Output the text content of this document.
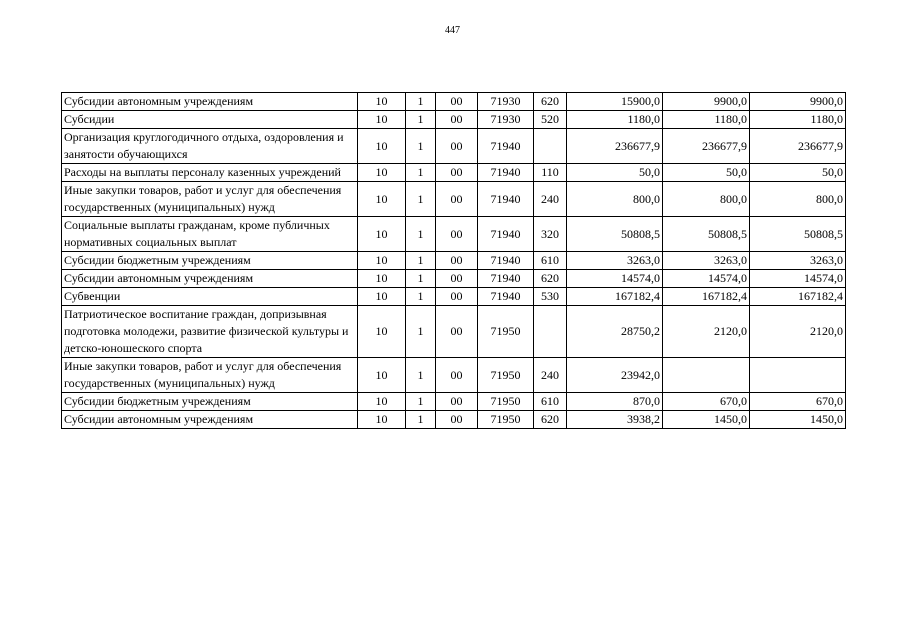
447
Субсидии автономным учреждениям	10	1	00	71930	620	15900,0	9900,0	9900,0
Субсидии	10	1	00	71930	520	1180,0	1180,0	1180,0
Организация круглогодичного отдыха, оздоровления и занятости обучающихся	10	1	00	71940		236677,9	236677,9	236677,9
Расходы на выплаты персоналу казенных учреждений	10	1	00	71940	110	50,0	50,0	50,0
Иные закупки товаров, работ и услуг для обеспечения государственных (муниципальных) нужд	10	1	00	71940	240	800,0	800,0	800,0
Социальные выплаты гражданам, кроме публичных нормативных социальных выплат	10	1	00	71940	320	50808,5	50808,5	50808,5
Субсидии бюджетным учреждениям	10	1	00	71940	610	3263,0	3263,0	3263,0
Субсидии автономным учреждениям	10	1	00	71940	620	14574,0	14574,0	14574,0
Субвенции	10	1	00	71940	530	167182,4	167182,4	167182,4
Патриотическое воспитание граждан, допризывная подготовка молодежи, развитие физической культуры и детско-юношеского спорта	10	1	00	71950		28750,2	2120,0	2120,0
Иные закупки товаров, работ и услуг для обеспечения государственных (муниципальных) нужд	10	1	00	71950	240	23942,0		
Субсидии бюджетным учреждениям	10	1	00	71950	610	870,0	670,0	670,0
Субсидии автономным учреждениям	10	1	00	71950	620	3938,2	1450,0	1450,0
